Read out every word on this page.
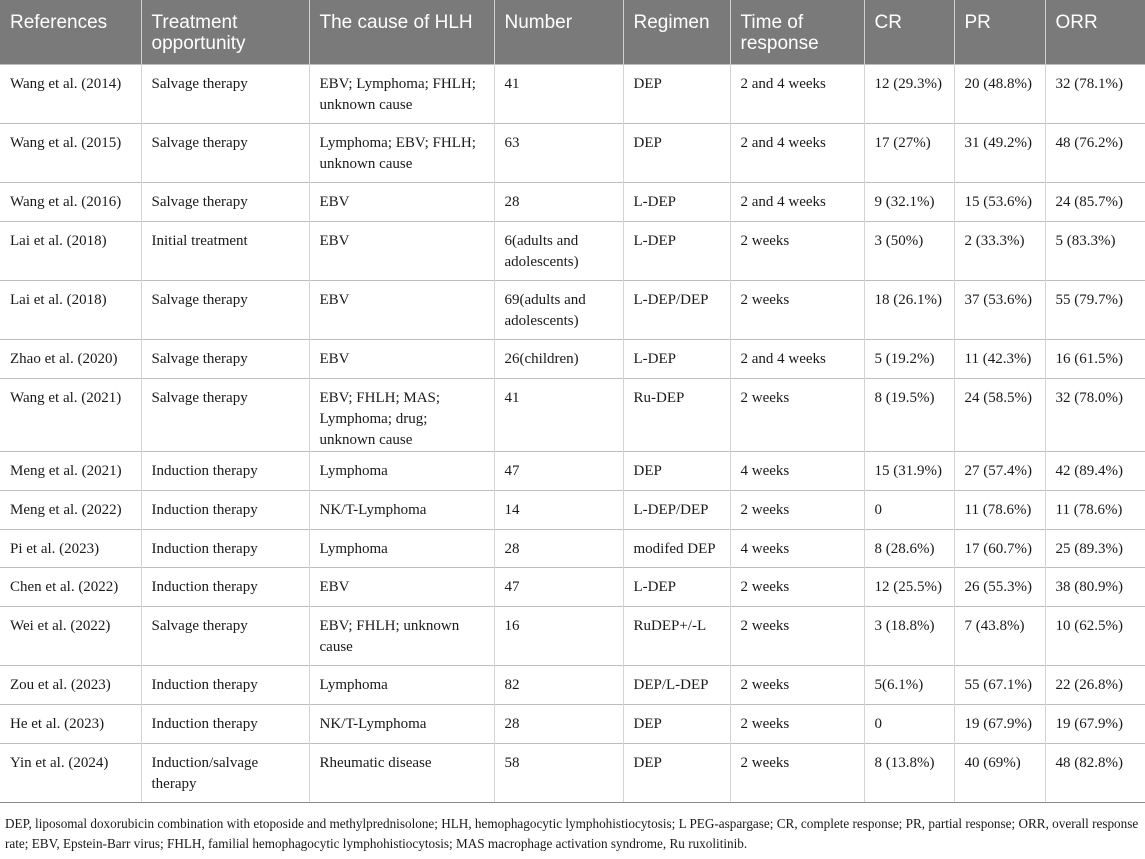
References	Treatment opportunity	The cause of HLH	Number	Regimen	Time of response	CR	PR	ORR
Wang et al. (2014)	Salvage therapy	EBV; Lymphoma; FHLH; unknown cause	41	DEP	2 and 4 weeks	12 (29.3%)	20 (48.8%)	32 (78.1%)
Wang et al. (2015)	Salvage therapy	Lymphoma; EBV; FHLH; unknown cause	63	DEP	2 and 4 weeks	17 (27%)	31 (49.2%)	48 (76.2%)
Wang et al. (2016)	Salvage therapy	EBV	28	L-DEP	2 and 4 weeks	9 (32.1%)	15 (53.6%)	24 (85.7%)
Lai et al. (2018)	Initial treatment	EBV	6(adults and adolescents)	L-DEP	2 weeks	3 (50%)	2 (33.3%)	5 (83.3%)
Lai et al. (2018)	Salvage therapy	EBV	69(adults and adolescents)	L-DEP/DEP	2 weeks	18 (26.1%)	37 (53.6%)	55 (79.7%)
Zhao et al. (2020)	Salvage therapy	EBV	26(children)	L-DEP	2 and 4 weeks	5 (19.2%)	11 (42.3%)	16 (61.5%)
Wang et al. (2021)	Salvage therapy	EBV; FHLH; MAS; Lymphoma; drug; unknown cause	41	Ru-DEP	2 weeks	8 (19.5%)	24 (58.5%)	32 (78.0%)
Meng et al. (2021)	Induction therapy	Lymphoma	47	DEP	4 weeks	15 (31.9%)	27 (57.4%)	42 (89.4%)
Meng et al. (2022)	Induction therapy	NK/T-Lymphoma	14	L-DEP/DEP	2 weeks	0	11 (78.6%)	11 (78.6%)
Pi et al. (2023)	Induction therapy	Lymphoma	28	modifed DEP	4 weeks	8 (28.6%)	17 (60.7%)	25 (89.3%)
Chen et al. (2022)	Induction therapy	EBV	47	L-DEP	2 weeks	12 (25.5%)	26 (55.3%)	38 (80.9%)
Wei et al. (2022)	Salvage therapy	EBV; FHLH; unknown cause	16	RuDEP+/-L	2 weeks	3 (18.8%)	7 (43.8%)	10 (62.5%)
Zou et al. (2023)	Induction therapy	Lymphoma	82	DEP/L-DEP	2 weeks	5(6.1%)	55 (67.1%)	22 (26.8%)
He et al. (2023)	Induction therapy	NK/T-Lymphoma	28	DEP	2 weeks	0	19 (67.9%)	19 (67.9%)
Yin et al. (2024)	Induction/salvage therapy	Rheumatic disease	58	DEP	2 weeks	8 (13.8%)	40 (69%)	48 (82.8%)
DEP, liposomal doxorubicin combination with etoposide and methylprednisolone; HLH, hemophagocytic lymphohistiocytosis; L PEG-aspargase; CR, complete response; PR, partial response; ORR, overall response rate; EBV, Epstein-Barr virus; FHLH, familial hemophagocytic lymphohistiocytosis; MAS macrophage activation syndrome, Ru ruxolitinib.
